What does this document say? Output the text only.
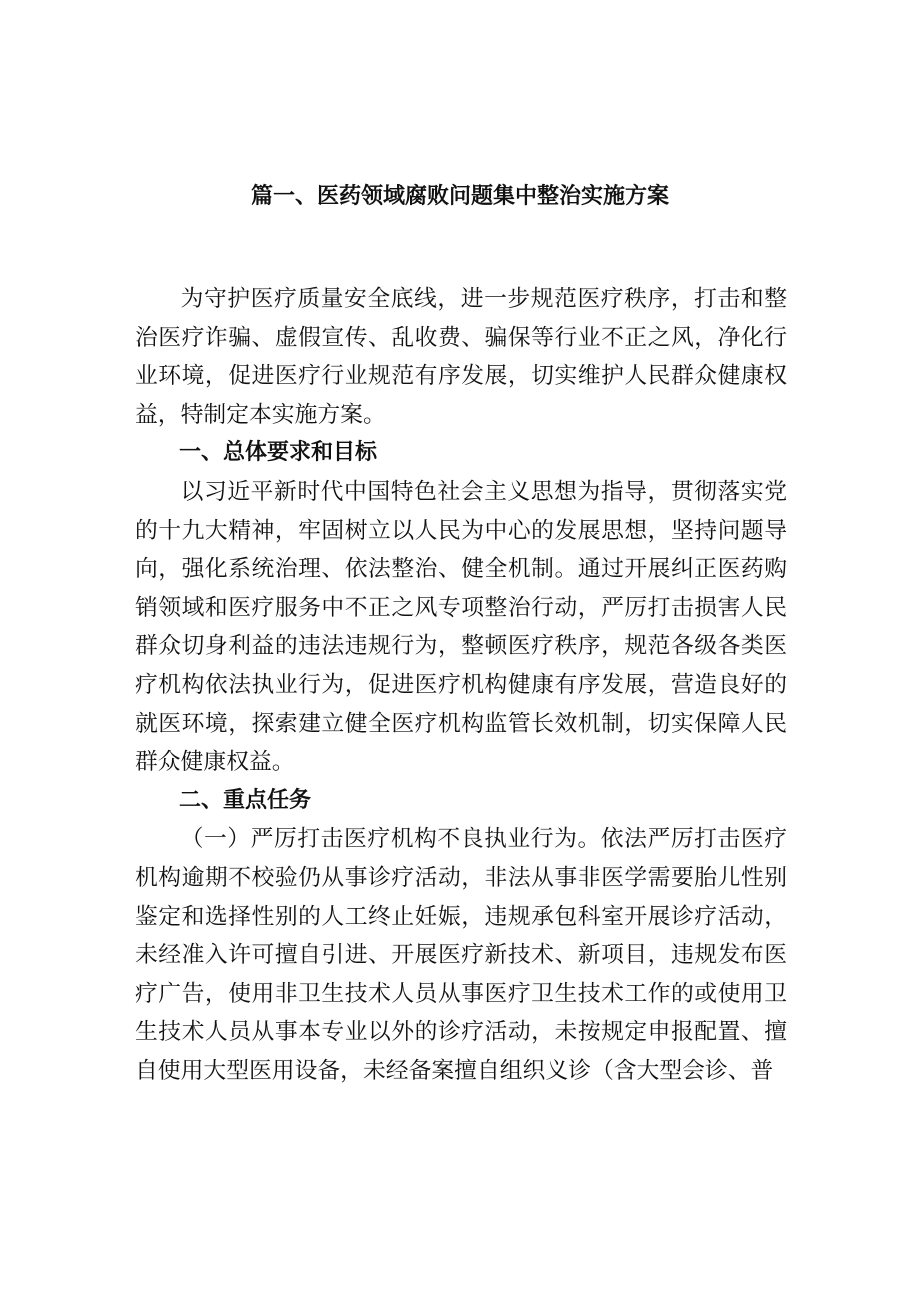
篇一、医药领域腐败问题集中整治实施方案

为守护医疗质量安全底线，进一步规范医疗秩序，打击和整治医疗诈骗、虚假宣传、乱收费、骗保等行业不正之风，净化行业环境，促进医疗行业规范有序发展，切实维护人民群众健康权益，特制定本实施方案。

一、总体要求和目标

以习近平新时代中国特色社会主义思想为指导，贯彻落实党的十九大精神，牢固树立以人民为中心的发展思想，坚持问题导向，强化系统治理、依法整治、健全机制。通过开展纠正医药购销领域和医疗服务中不正之风专项整治行动，严厉打击损害人民群众切身利益的违法违规行为，整顿医疗秩序，规范各级各类医疗机构依法执业行为，促进医疗机构健康有序发展，营造良好的就医环境，探索建立健全医疗机构监管长效机制，切实保障人民群众健康权益。

二、重点任务

（一）严厉打击医疗机构不良执业行为。依法严厉打击医疗机构逾期不校验仍从事诊疗活动，非法从事非医学需要胎儿性别鉴定和选择性别的人工终止妊娠，违规承包科室开展诊疗活动，未经准入许可擅自引进、开展医疗新技术、新项目，违规发布医疗广告，使用非卫生技术人员从事医疗卫生技术工作的或使用卫生技术人员从事本专业以外的诊疗活动，未按规定申报配置、擅自使用大型医用设备，未经备案擅自组织义诊（含大型会诊、普
